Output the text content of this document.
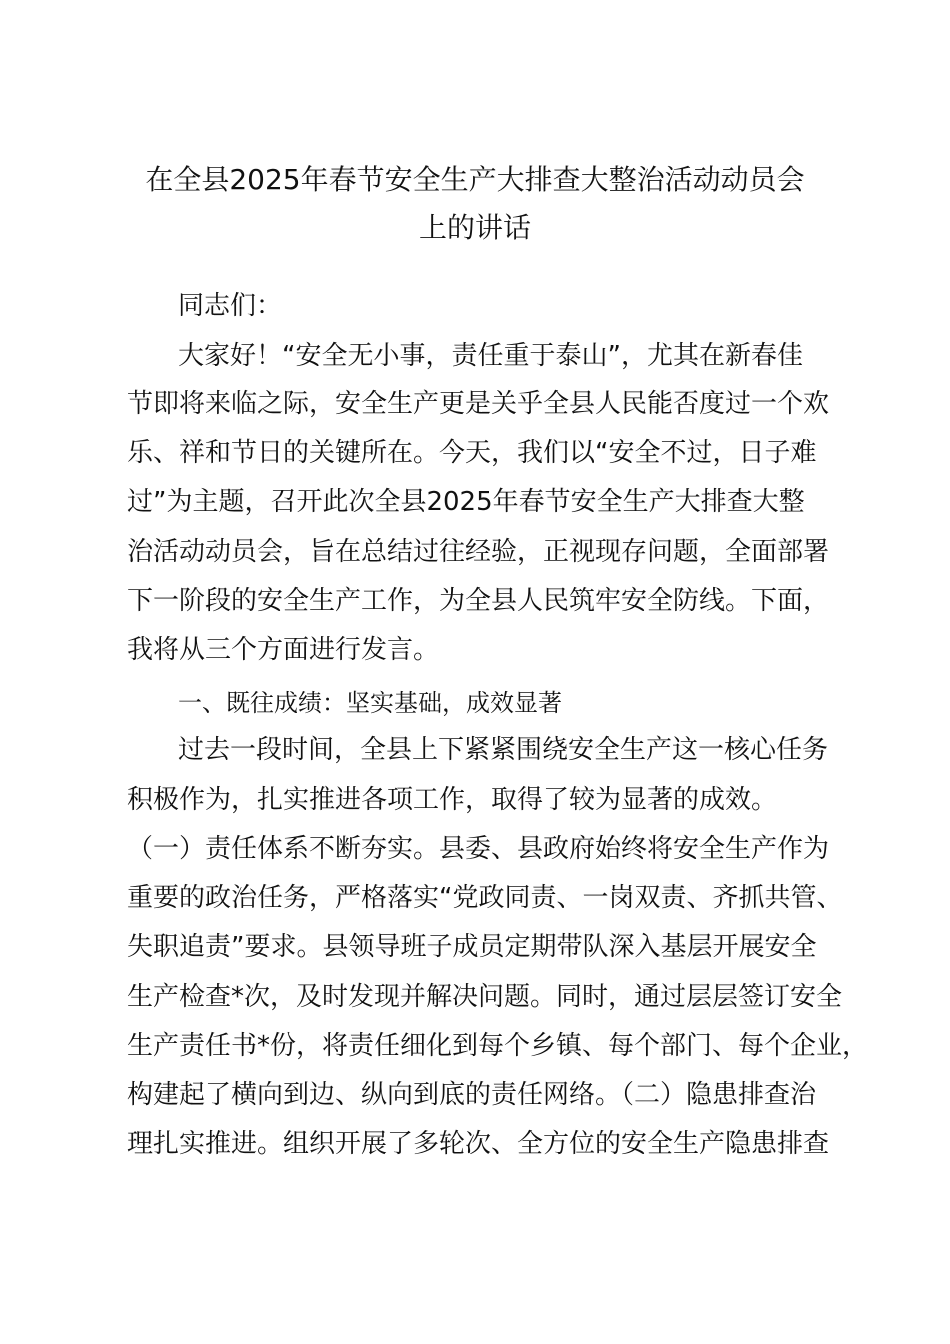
在全县2025年春节安全生产大排查大整治活动动员会
上的讲话
同志们：
大家好！“安全无小事，责任重于泰山”，尤其在新春佳
节即将来临之际，安全生产更是关乎全县人民能否度过一个欢
乐、祥和节日的关键所在。今天，我们以“安全不过，日子难
过”为主题，召开此次全县2025年春节安全生产大排查大整
治活动动员会，旨在总结过往经验，正视现存问题，全面部署
下一阶段的安全生产工作，为全县人民筑牢安全防线。下面，
我将从三个方面进行发言。
一、既往成绩：坚实基础，成效显著
过去一段时间，全县上下紧紧围绕安全生产这一核心任务
积极作为，扎实推进各项工作，取得了较为显著的成效。
（一）责任体系不断夯实。县委、县政府始终将安全生产作为
重要的政治任务，严格落实“党政同责、一岗双责、齐抓共管、
失职追责”要求。县领导班子成员定期带队深入基层开展安全
生产检查*次，及时发现并解决问题。同时，通过层层签订安全
生产责任书*份，将责任细化到每个乡镇、每个部门、每个企业，
构建起了横向到边、纵向到底的责任网络。（二）隐患排查治
理扎实推进。组织开展了多轮次、全方位的安全生产隐患排查
